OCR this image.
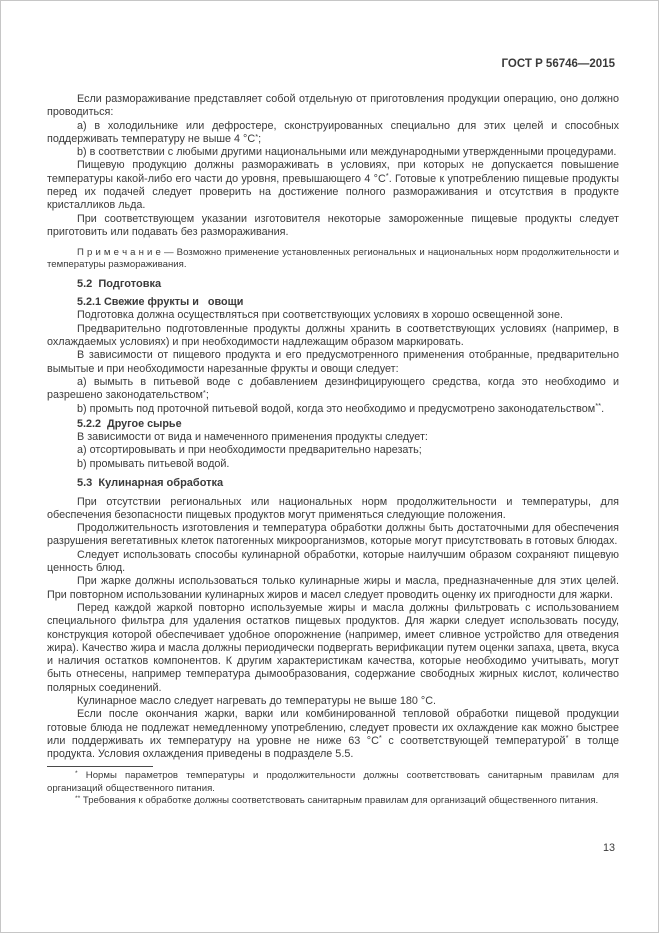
ГОСТ Р 56746—2015

Если размораживание представляет собой отдельную от приготовления продукции операцию, оно должно проводиться:

а) в холодильнике или дефростере, сконструированных специально для этих целей и способных поддерживать температуру не выше 4 °C*;

b) в соответствии с любыми другими национальными или международными утвержденными процедурами.

Пищевую продукцию должны размораживать в условиях, при которых не допускается повышение температуры какой-либо его части до уровня, превышающего 4 °C*. Готовые к употреблению пищевые продукты перед их подачей следует проверить на достижение полного размораживания и отсутствия в продукте кристалликов льда.

При соответствующем указании изготовителя некоторые замороженные пищевые продукты следует приготовить или подавать без размораживания.

П р и м е ч а н и е — Возможно применение установленных региональных и национальных норм продолжительности и температуры размораживания.

5.2  Подготовка
5.2.1 Свежие фрукты и   овощи

Подготовка должна осуществляться при соответствующих условиях в хорошо освещенной зоне.

Предварительно подготовленные продукты должны хранить в соответствующих условиях (например, в охлаждаемых условиях) и при необходимости надлежащим образом маркировать.

В зависимости от пищевого продукта и его предусмотренного применения отобранные, предварительно вымытые и при необходимости нарезанные фрукты и овощи следует:

а) вымыть в питьевой воде с добавлением дезинфицирующего средства, когда это необходимо и разрешено законодательством*;

b) промыть под проточной питьевой водой, когда это необходимо и предусмотрено законодательством**.

5.2.2  Другое сырье

В зависимости от вида и намеченного применения продукты следует:

а) отсортировывать и при необходимости предварительно нарезать;

b) промывать питьевой водой.

5.3  Кулинарная обработка

При отсутствии региональных или национальных норм продолжительности и температуры, для обеспечения безопасности пищевых продуктов могут применяться следующие положения.

Продолжительность изготовления и температура обработки должны быть достаточными для обеспечения разрушения вегетативных клеток патогенных микроорганизмов, которые могут присутствовать в готовых блюдах.

Следует использовать способы кулинарной обработки, которые наилучшим образом сохраняют пищевую ценность блюд.

При жарке должны использоваться только кулинарные жиры и масла, предназначенные для этих целей. При повторном использовании кулинарных жиров и масел следует проводить оценку их пригодности для жарки.

Перед каждой жаркой повторно используемые жиры и масла должны фильтровать с использованием специального фильтра для удаления остатков пищевых продуктов. Для жарки следует использовать посуду, конструкция которой обеспечивает удобное опорожнение (например, имеет сливное устройство для отведения жира). Качество жира и масла должны периодически подвергать верификации путем оценки запаха, цвета, вкуса и наличия остатков компонентов. К другим характеристикам качества, которые необходимо учитывать, могут быть отнесены, например температура дымообразования, содержание свободных жирных кислот, количество полярных соединений.

Кулинарное масло следует нагревать до температуры не выше 180 °C.

Если после окончания жарки, варки или комбинированной тепловой обработки пищевой продукции готовые блюда не подлежат немедленному употреблению, следует провести их охлаждение как можно быстрее или поддерживать их температуру на уровне не ниже 63 °C* с соответствующей температурой* в толще продукта. Условия охлаждения приведены в подразделе 5.5.

* Нормы параметров температуры и продолжительности должны соответствовать санитарным правилам для организаций общественного питания.

** Требования к обработке должны соответствовать санитарным правилам для организаций общественного питания.

13
